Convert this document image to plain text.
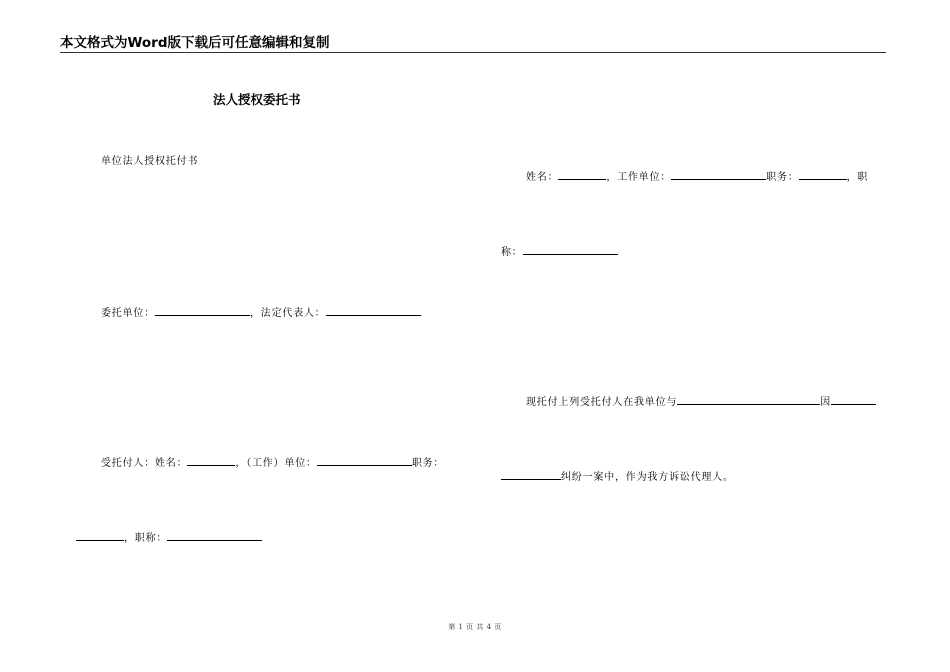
本文格式为Word版下载后可任意编辑和复制
法人授权委托书
单位法人授权托付书
委托单位：	，法定代表人：
受托付人：姓名：	，（工作）单位：	职务：
，职称：
姓名：	，工作单位：	职务：	，职
称：
现托付上列受托付人在我单位与	因
纠纷一案中，作为我方诉讼代理人。
第 1 页 共 4 页
